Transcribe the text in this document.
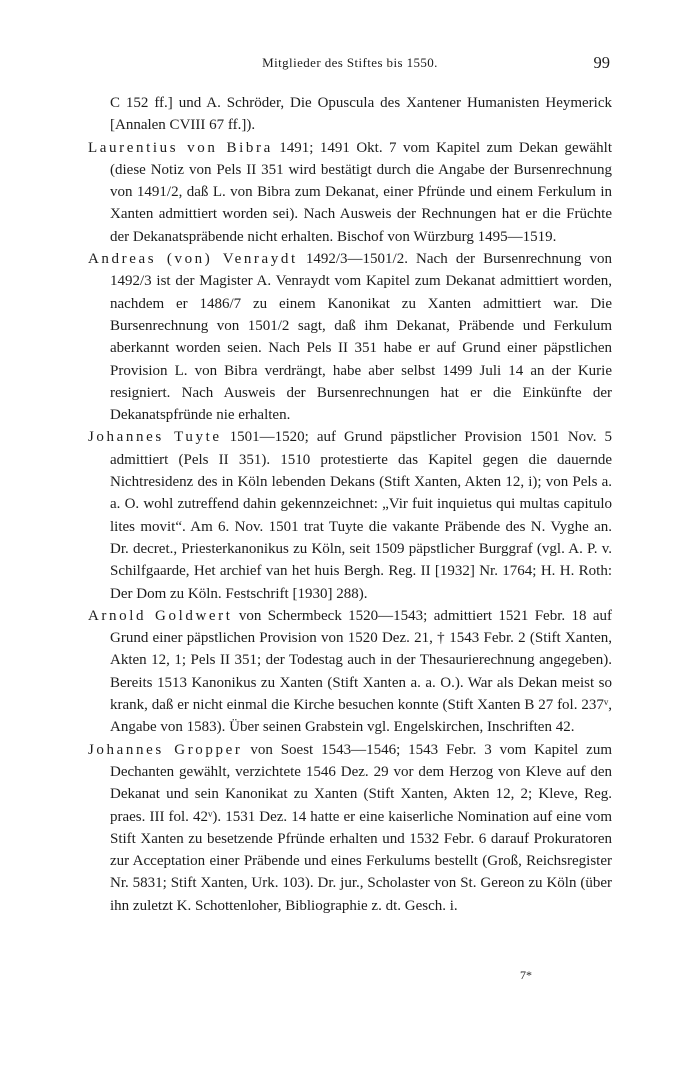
Mitglieder des Stiftes bis 1550.	99

C 152 ff.] und A. Schröder, Die Opuscula des Xantener Humanisten Heymerick [Annalen CVIII 67 ff.]).

Laurentius von Bibra 1491; 1491 Okt. 7 vom Kapitel zum Dekan gewählt (diese Notiz von Pels II 351 wird bestätigt durch die Angabe der Bursenrechnung von 1491/2, daß L. von Bibra zum Dekanat, einer Pfründe und einem Ferkulum in Xanten admittiert worden sei). Nach Ausweis der Rechnungen hat er die Früchte der Dekanatspräbende nicht erhalten. Bischof von Würzburg 1495—1519.

Andreas (von) Venraydt 1492/3—1501/2. Nach der Bursenrechnung von 1492/3 ist der Magister A. Venraydt vom Kapitel zum Dekanat admittiert worden, nachdem er 1486/7 zu einem Kanonikat zu Xanten admittiert war. Die Bursenrechnung von 1501/2 sagt, daß ihm Dekanat, Präbende und Ferkulum aberkannt worden seien. Nach Pels II 351 habe er auf Grund einer päpstlichen Provision L. von Bibra verdrängt, habe aber selbst 1499 Juli 14 an der Kurie resigniert. Nach Ausweis der Bursenrechnungen hat er die Einkünfte der Dekanatspfründe nie erhalten.

Johannes Tuyte 1501—1520; auf Grund päpstlicher Provision 1501 Nov. 5 admittiert (Pels II 351). 1510 protestierte das Kapitel gegen die dauernde Nichtresidenz des in Köln lebenden Dekans (Stift Xanten, Akten 12, i); von Pels a. a. O. wohl zutreffend dahin gekennzeichnet: „Vir fuit inquietus qui multas capitulo lites movit“. Am 6. Nov. 1501 trat Tuyte die vakante Präbende des N. Vyghe an. Dr. decret., Priesterkanonikus zu Köln, seit 1509 päpstlicher Burggraf (vgl. A. P. v. Schilfgaarde, Het archief van het huis Bergh. Reg. II [1932] Nr. 1764; H. H. Roth: Der Dom zu Köln. Festschrift [1930] 288).

Arnold Goldwert von Schermbeck 1520—1543; admittiert 1521 Febr. 18 auf Grund einer päpstlichen Provision von 1520 Dez. 21, † 1543 Febr. 2 (Stift Xanten, Akten 12, 1; Pels II 351; der Todestag auch in der Thesaurierechnung angegeben). Bereits 1513 Kanonikus zu Xanten (Stift Xanten a. a. O.). War als Dekan meist so krank, daß er nicht einmal die Kirche besuchen konnte (Stift Xanten B 27 fol. 237ᵛ, Angabe von 1583). Über seinen Grabstein vgl. Engelskirchen, Inschriften 42.

Johannes Gropper von Soest 1543—1546; 1543 Febr. 3 vom Kapitel zum Dechanten gewählt, verzichtete 1546 Dez. 29 vor dem Herzog von Kleve auf den Dekanat und sein Kanonikat zu Xanten (Stift Xanten, Akten 12, 2; Kleve, Reg. praes. III fol. 42ᵛ). 1531 Dez. 14 hatte er eine kaiserliche Nomination auf eine vom Stift Xanten zu besetzende Pfründe erhalten und 1532 Febr. 6 darauf Prokuratoren zur Acceptation einer Präbende und eines Ferkulums bestellt (Groß, Reichsregister Nr. 5831; Stift Xanten, Urk. 103). Dr. jur., Scholaster von St. Gereon zu Köln (über ihn zuletzt K. Schottenloher, Bibliographie z. dt. Gesch. i.

7*
